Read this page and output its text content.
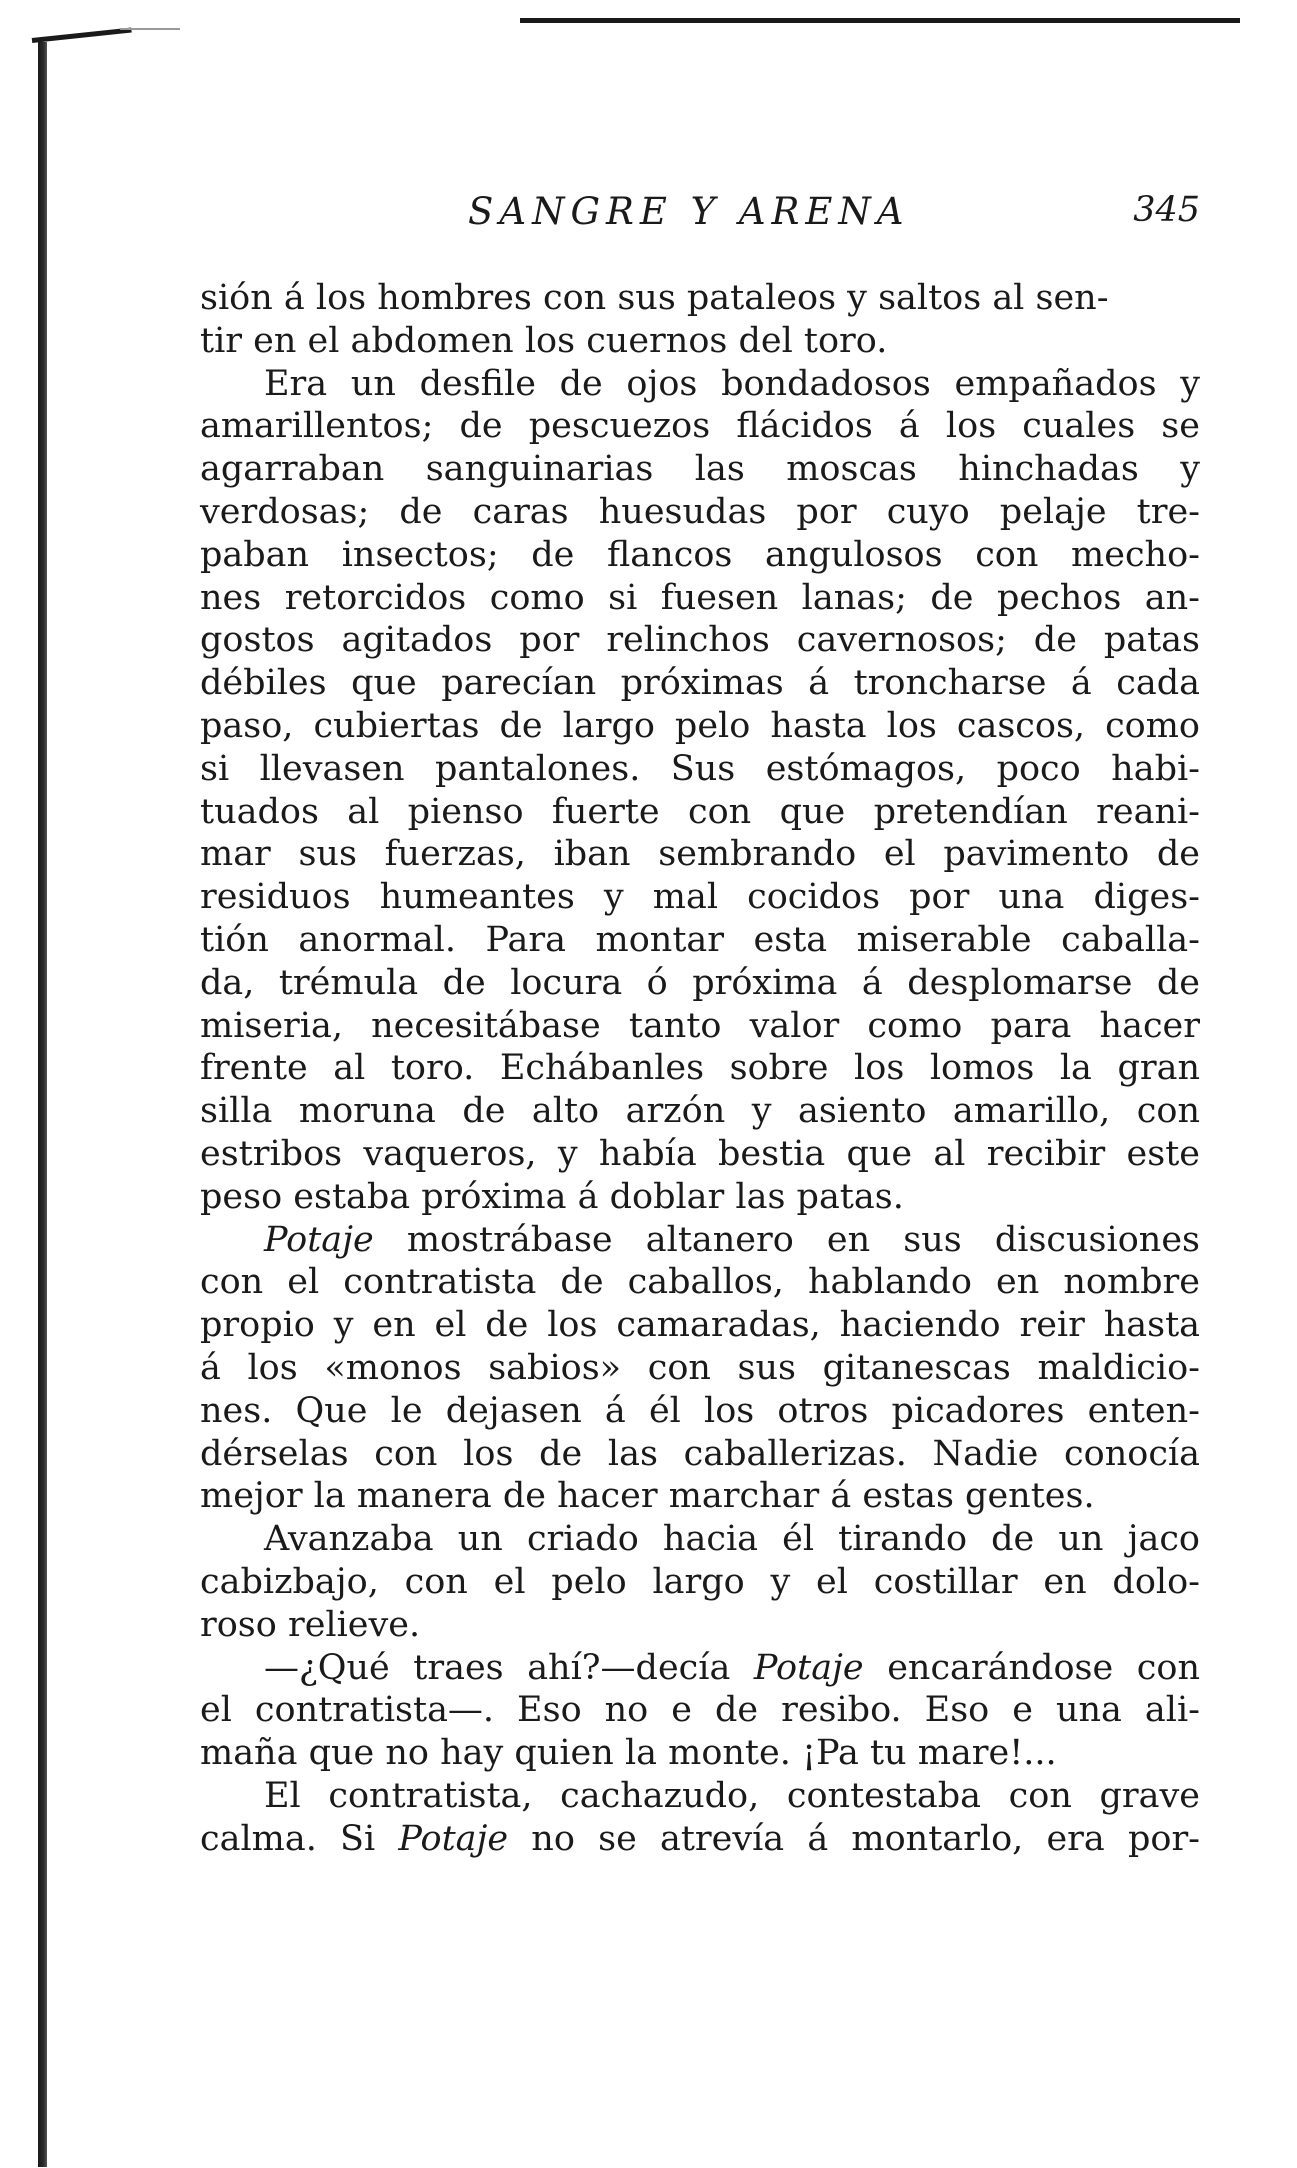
SANGRE Y ARENA	345
sión á los hombres con sus pataleos y saltos al sen-
tir en el abdomen los cuernos del toro.
Era un desfile de ojos bondadosos empañados y
amarillentos; de pescuezos flácidos á los cuales se
agarraban sanguinarias las moscas hinchadas y
verdosas; de caras huesudas por cuyo pelaje tre-
paban insectos; de flancos angulosos con mecho-
nes retorcidos como si fuesen lanas; de pechos an-
gostos agitados por relinchos cavernosos; de patas
débiles que parecían próximas á troncharse á cada
paso, cubiertas de largo pelo hasta los cascos, como
si llevasen pantalones. Sus estómagos, poco habi-
tuados al pienso fuerte con que pretendían reani-
mar sus fuerzas, iban sembrando el pavimento de
residuos humeantes y mal cocidos por una diges-
tión anormal. Para montar esta miserable caballa-
da, trémula de locura ó próxima á desplomarse de
miseria, necesitábase tanto valor como para hacer
frente al toro. Echábanles sobre los lomos la gran
silla moruna de alto arzón y asiento amarillo, con
estribos vaqueros, y había bestia que al recibir este
peso estaba próxima á doblar las patas.
Potaje mostrábase altanero en sus discusiones
con el contratista de caballos, hablando en nombre
propio y en el de los camaradas, haciendo reir hasta
á los «monos sabios» con sus gitanescas maldicio-
nes. Que le dejasen á él los otros picadores enten-
dérselas con los de las caballerizas. Nadie conocía
mejor la manera de hacer marchar á estas gentes.
Avanzaba un criado hacia él tirando de un jaco
cabizbajo, con el pelo largo y el costillar en dolo-
roso relieve.
—¿Qué traes ahí?—decía Potaje encarándose con
el contratista—. Eso no e de resibo. Eso e una ali-
maña que no hay quien la monte. ¡Pa tu mare!...
El contratista, cachazudo, contestaba con grave
calma. Si Potaje no se atrevía á montarlo, era por-
